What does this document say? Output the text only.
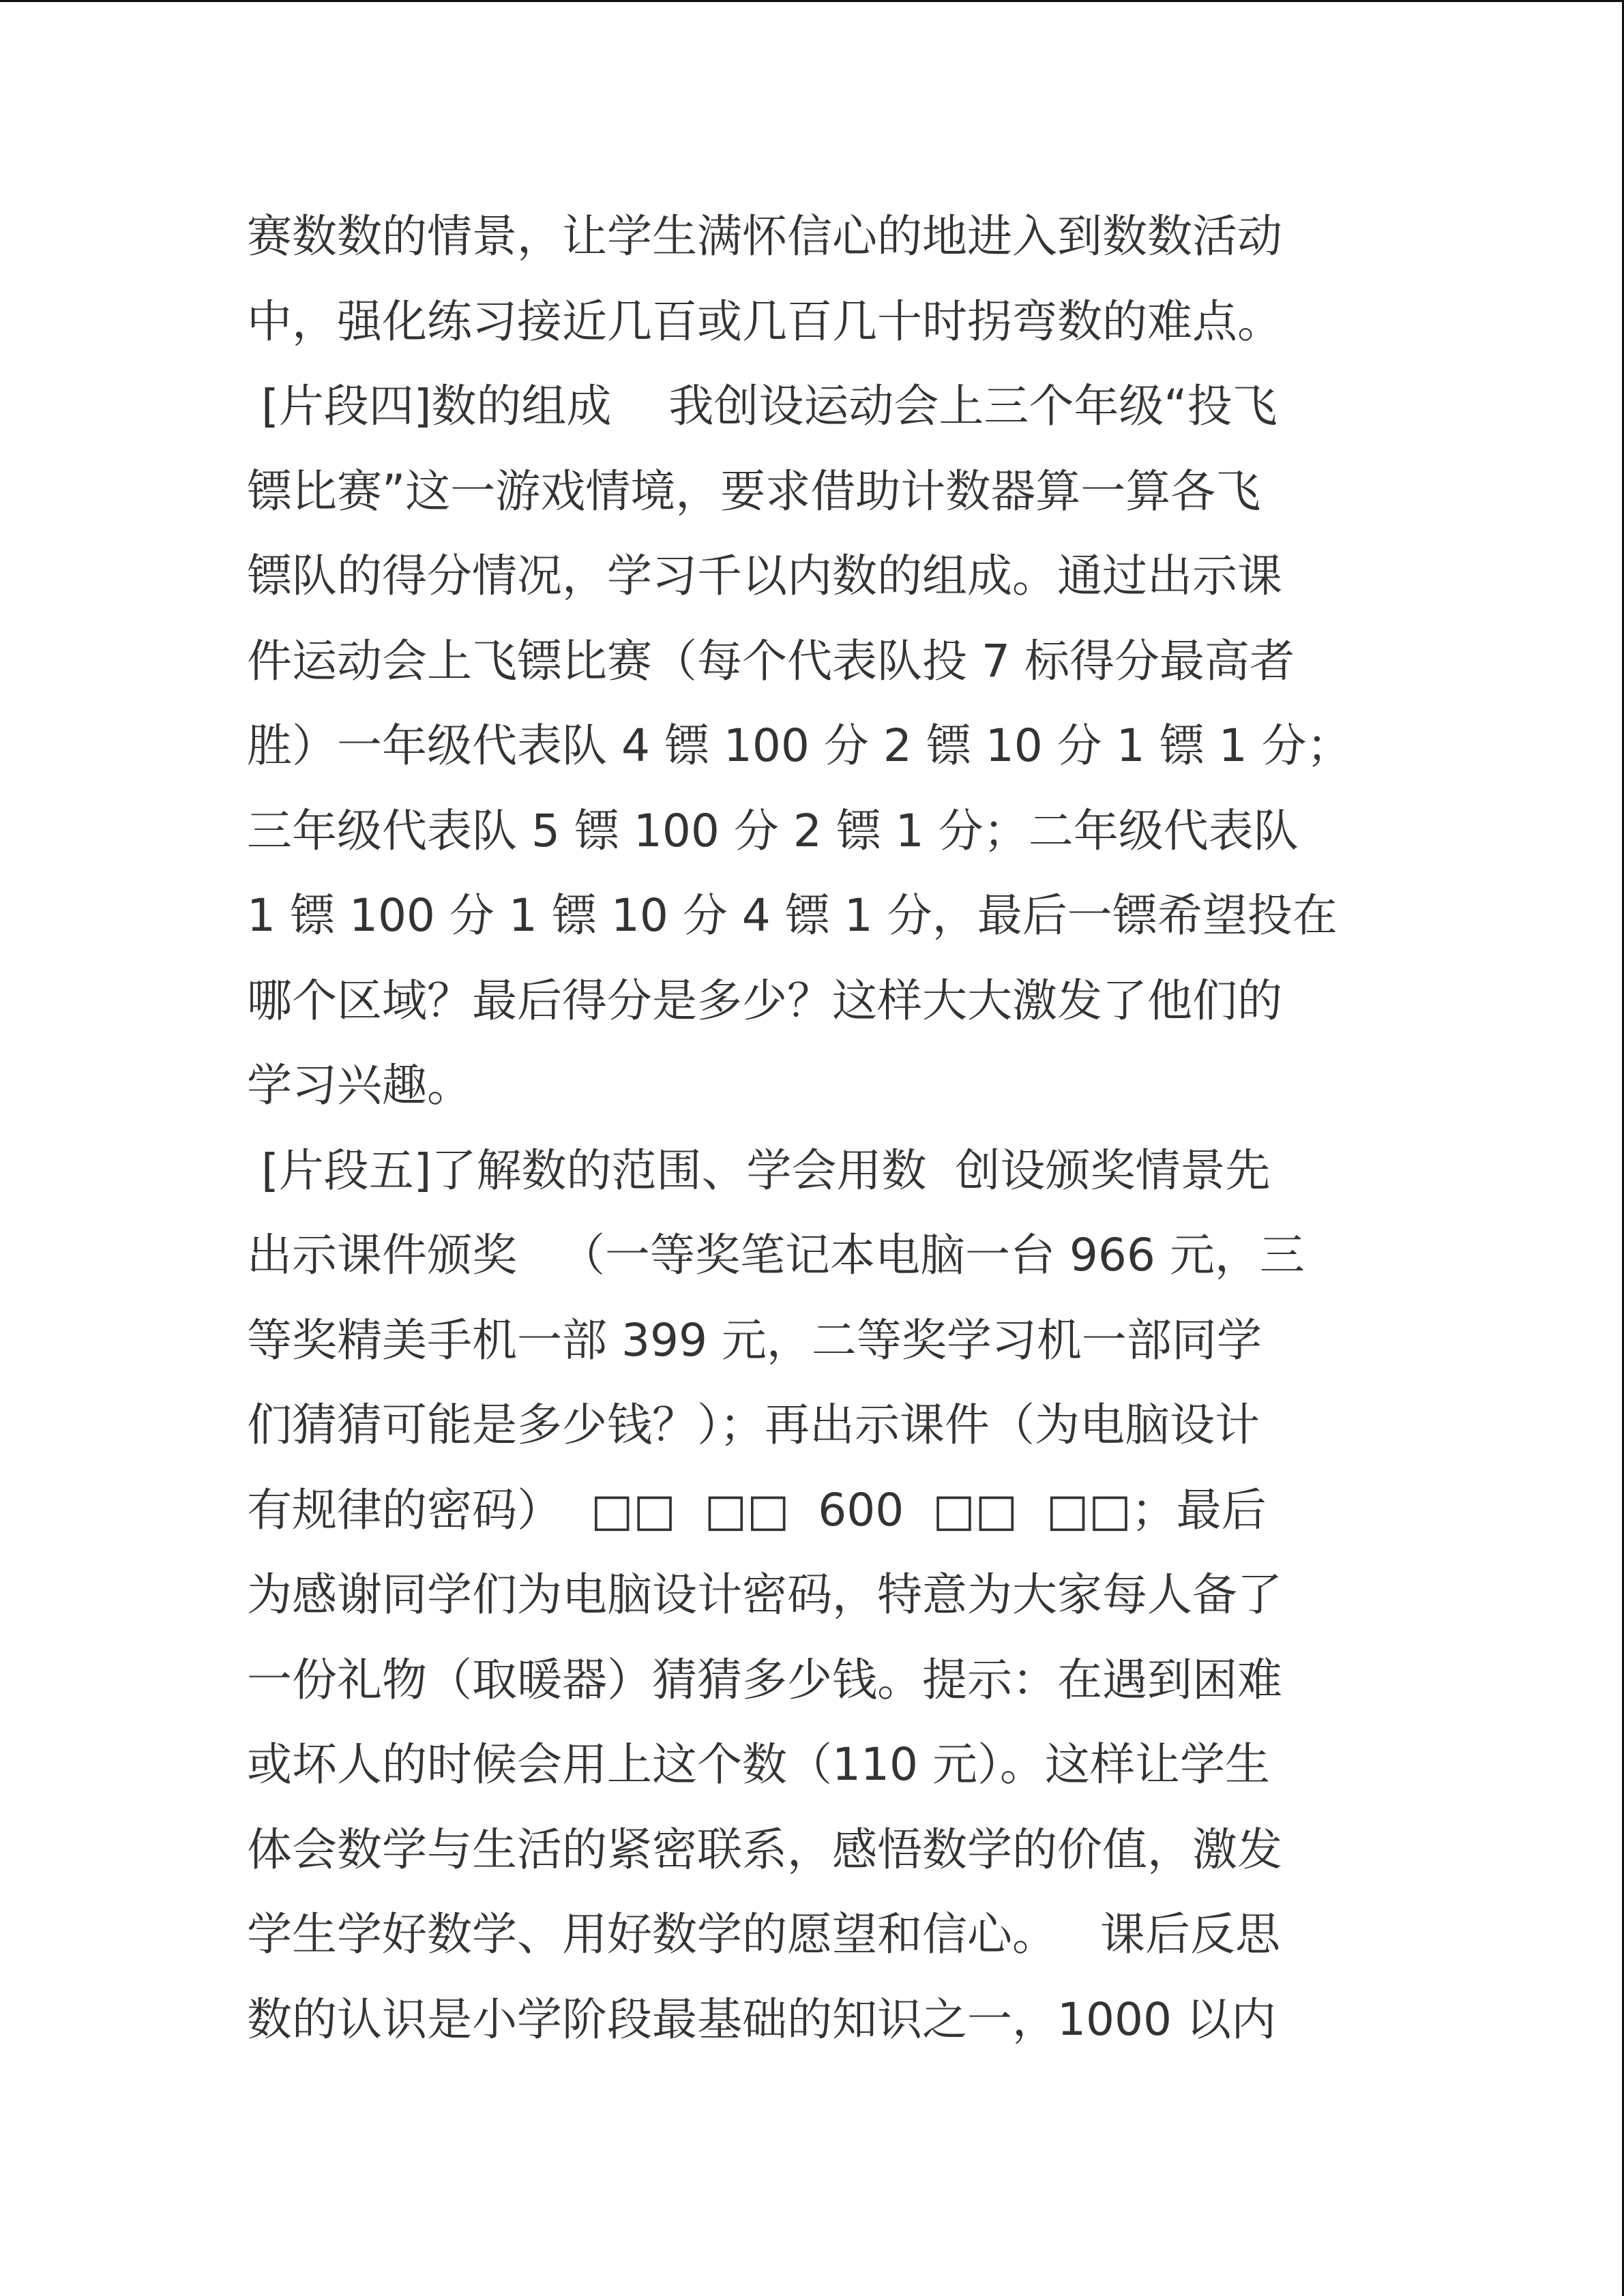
赛数数的情景，让学生满怀信心的地进入到数数活动
中，强化练习接近几百或几百几十时拐弯数的难点。
[片段四]数的组成    我创设运动会上三个年级“投飞
镖比赛”这一游戏情境，要求借助计数器算一算各飞
镖队的得分情况，学习千以内数的组成。通过出示课
件运动会上飞镖比赛（每个代表队投 7 标得分最高者
胜）一年级代表队 4 镖 100 分 2 镖 10 分 1 镖 1 分；
三年级代表队 5 镖 100 分 2 镖 1 分；二年级代表队
1 镖 100 分 1 镖 10 分 4 镖 1 分，最后一镖希望投在
哪个区域？最后得分是多少？这样大大激发了他们的
学习兴趣。
[片段五]了解数的范围、学会用数  创设颁奖情景先
出示课件颁奖   （一等奖笔记本电脑一台 966 元，三
等奖精美手机一部 399 元，二等奖学习机一部同学
们猜猜可能是多少钱？）；再出示课件（为电脑设计
有规律的密码）  □□  □□  600  □□  □□；最后
为感谢同学们为电脑设计密码，特意为大家每人备了
一份礼物（取暖器）猜猜多少钱。提示：在遇到困难
或坏人的时候会用上这个数（110 元）。这样让学生
体会数学与生活的紧密联系，感悟数学的价值，激发
学生学好数学、用好数学的愿望和信心。   课后反思
数的认识是小学阶段最基础的知识之一，1000 以内
